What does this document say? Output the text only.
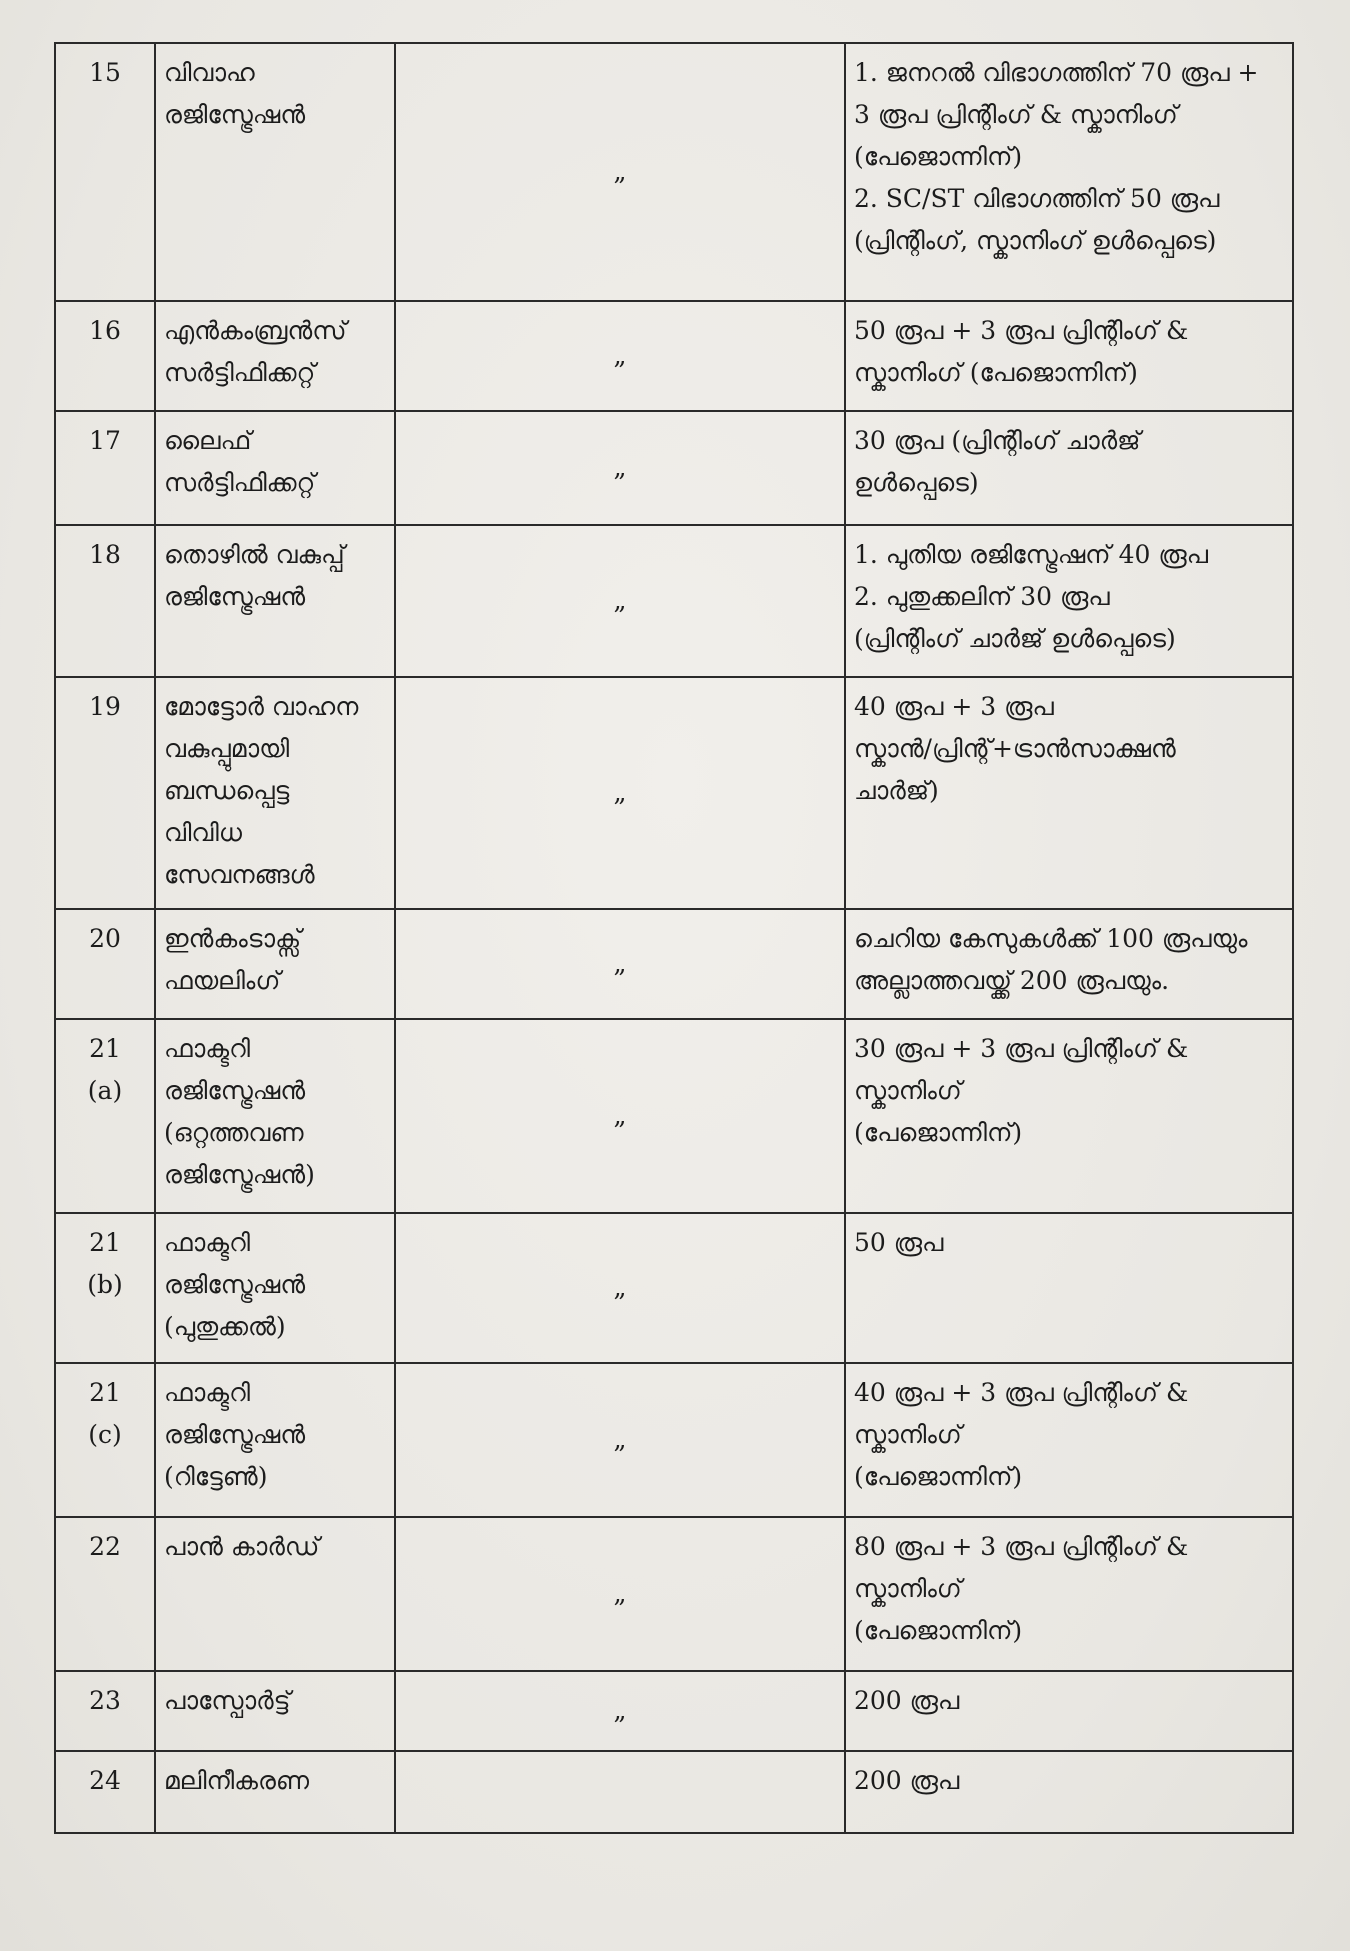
15	വിവാഹ
രജിസ്ട്രേഷൻ	„	1. ജനറൽ വിഭാഗത്തിന് 70 രൂപ +
3 രൂപ പ്രിന്റിംഗ് & സ്കാനിംഗ്
(പേജൊന്നിന്)
2. SC/ST വിഭാഗത്തിന് 50 രൂപ
(പ്രിന്റിംഗ്, സ്കാനിംഗ് ഉൾപ്പെടെ)
16	എൻകംബ്രൻസ്
സർട്ടിഫിക്കറ്റ്	„	50 രൂപ + 3 രൂപ പ്രിന്റിംഗ് &
സ്കാനിംഗ് (പേജൊന്നിന്)
17	ലൈഫ്
സർട്ടിഫിക്കറ്റ്	„	30 രൂപ (പ്രിന്റിംഗ് ചാർജ്
ഉൾപ്പെടെ)
18	തൊഴിൽ വകുപ്പ്
രജിസ്ട്രേഷൻ	„	1. പുതിയ രജിസ്ട്രേഷന് 40 രൂപ
2. പുതുക്കലിന് 30 രൂപ
(പ്രിന്റിംഗ് ചാർജ് ഉൾപ്പെടെ)
19	മോട്ടോർ വാഹന
വകുപ്പുമായി
ബന്ധപ്പെട്ട
വിവിധ
സേവനങ്ങൾ	„	40 രൂപ + 3 രൂപ
സ്കാൻ/പ്രിന്റ്+ട്രാൻസാക്ഷൻ
ചാർജ്)
20	ഇൻകംടാക്സ്
ഫയലിംഗ്	„	ചെറിയ കേസുകൾക്ക് 100 രൂപയും
അല്ലാത്തവയ്ക്ക് 200 രൂപയും.
21
(a)	ഫാക്ടറി
രജിസ്ട്രേഷൻ
(ഒറ്റത്തവണ
രജിസ്ട്രേഷൻ)	„	30 രൂപ + 3 രൂപ പ്രിന്റിംഗ് &
സ്കാനിംഗ്
(പേജൊന്നിന്)
21
(b)	ഫാക്ടറി
രജിസ്ട്രേഷൻ
(പുതുക്കൽ)	„	50 രൂപ
21
(c)	ഫാക്ടറി
രജിസ്ട്രേഷൻ
(റിട്ടേൺ)	„	40 രൂപ + 3 രൂപ പ്രിന്റിംഗ് &
സ്കാനിംഗ്
(പേജൊന്നിന്)
22	പാൻ കാർഡ്	„	80 രൂപ + 3 രൂപ പ്രിന്റിംഗ് &
സ്കാനിംഗ്
(പേജൊന്നിന്)
23	പാസ്പോർട്ട്	„	200 രൂപ
24	മലിനീകരണ		200 രൂപ
